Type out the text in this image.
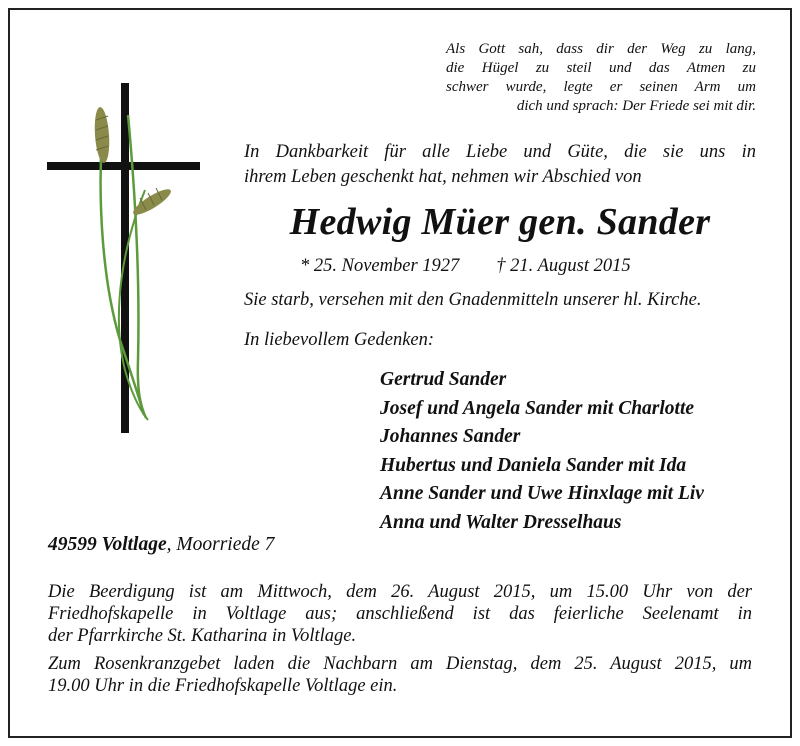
Als Gott sah, dass dir der Weg zu lang,
die Hügel zu steil und das Atmen zu
schwer wurde, legte er seinen Arm um
dich und sprach: Der Friede sei mit dir.
In Dankbarkeit für alle Liebe und Güte, die sie uns in
ihrem Leben geschenkt hat, nehmen wir Abschied von
Hedwig Müer gen. Sander
* 25. November 1927 † 21. August 2015
Sie starb, versehen mit den Gnadenmitteln unserer hl. Kirche.
In liebevollem Gedenken:
Gertrud Sander
Josef und Angela Sander mit Charlotte
Johannes Sander
Hubertus und Daniela Sander mit Ida
Anne Sander und Uwe Hinxlage mit Liv
Anna und Walter Dresselhaus
49599 Voltlage, Moorriede 7
Die Beerdigung ist am Mittwoch, dem 26. August 2015, um 15.00 Uhr von der
Friedhofskapelle in Voltlage aus; anschließend ist das feierliche Seelenamt in
der Pfarrkirche St. Katharina in Voltlage.
Zum Rosenkranzgebet laden die Nachbarn am Dienstag, dem 25. August 2015, um
19.00 Uhr in die Friedhofskapelle Voltlage ein.
